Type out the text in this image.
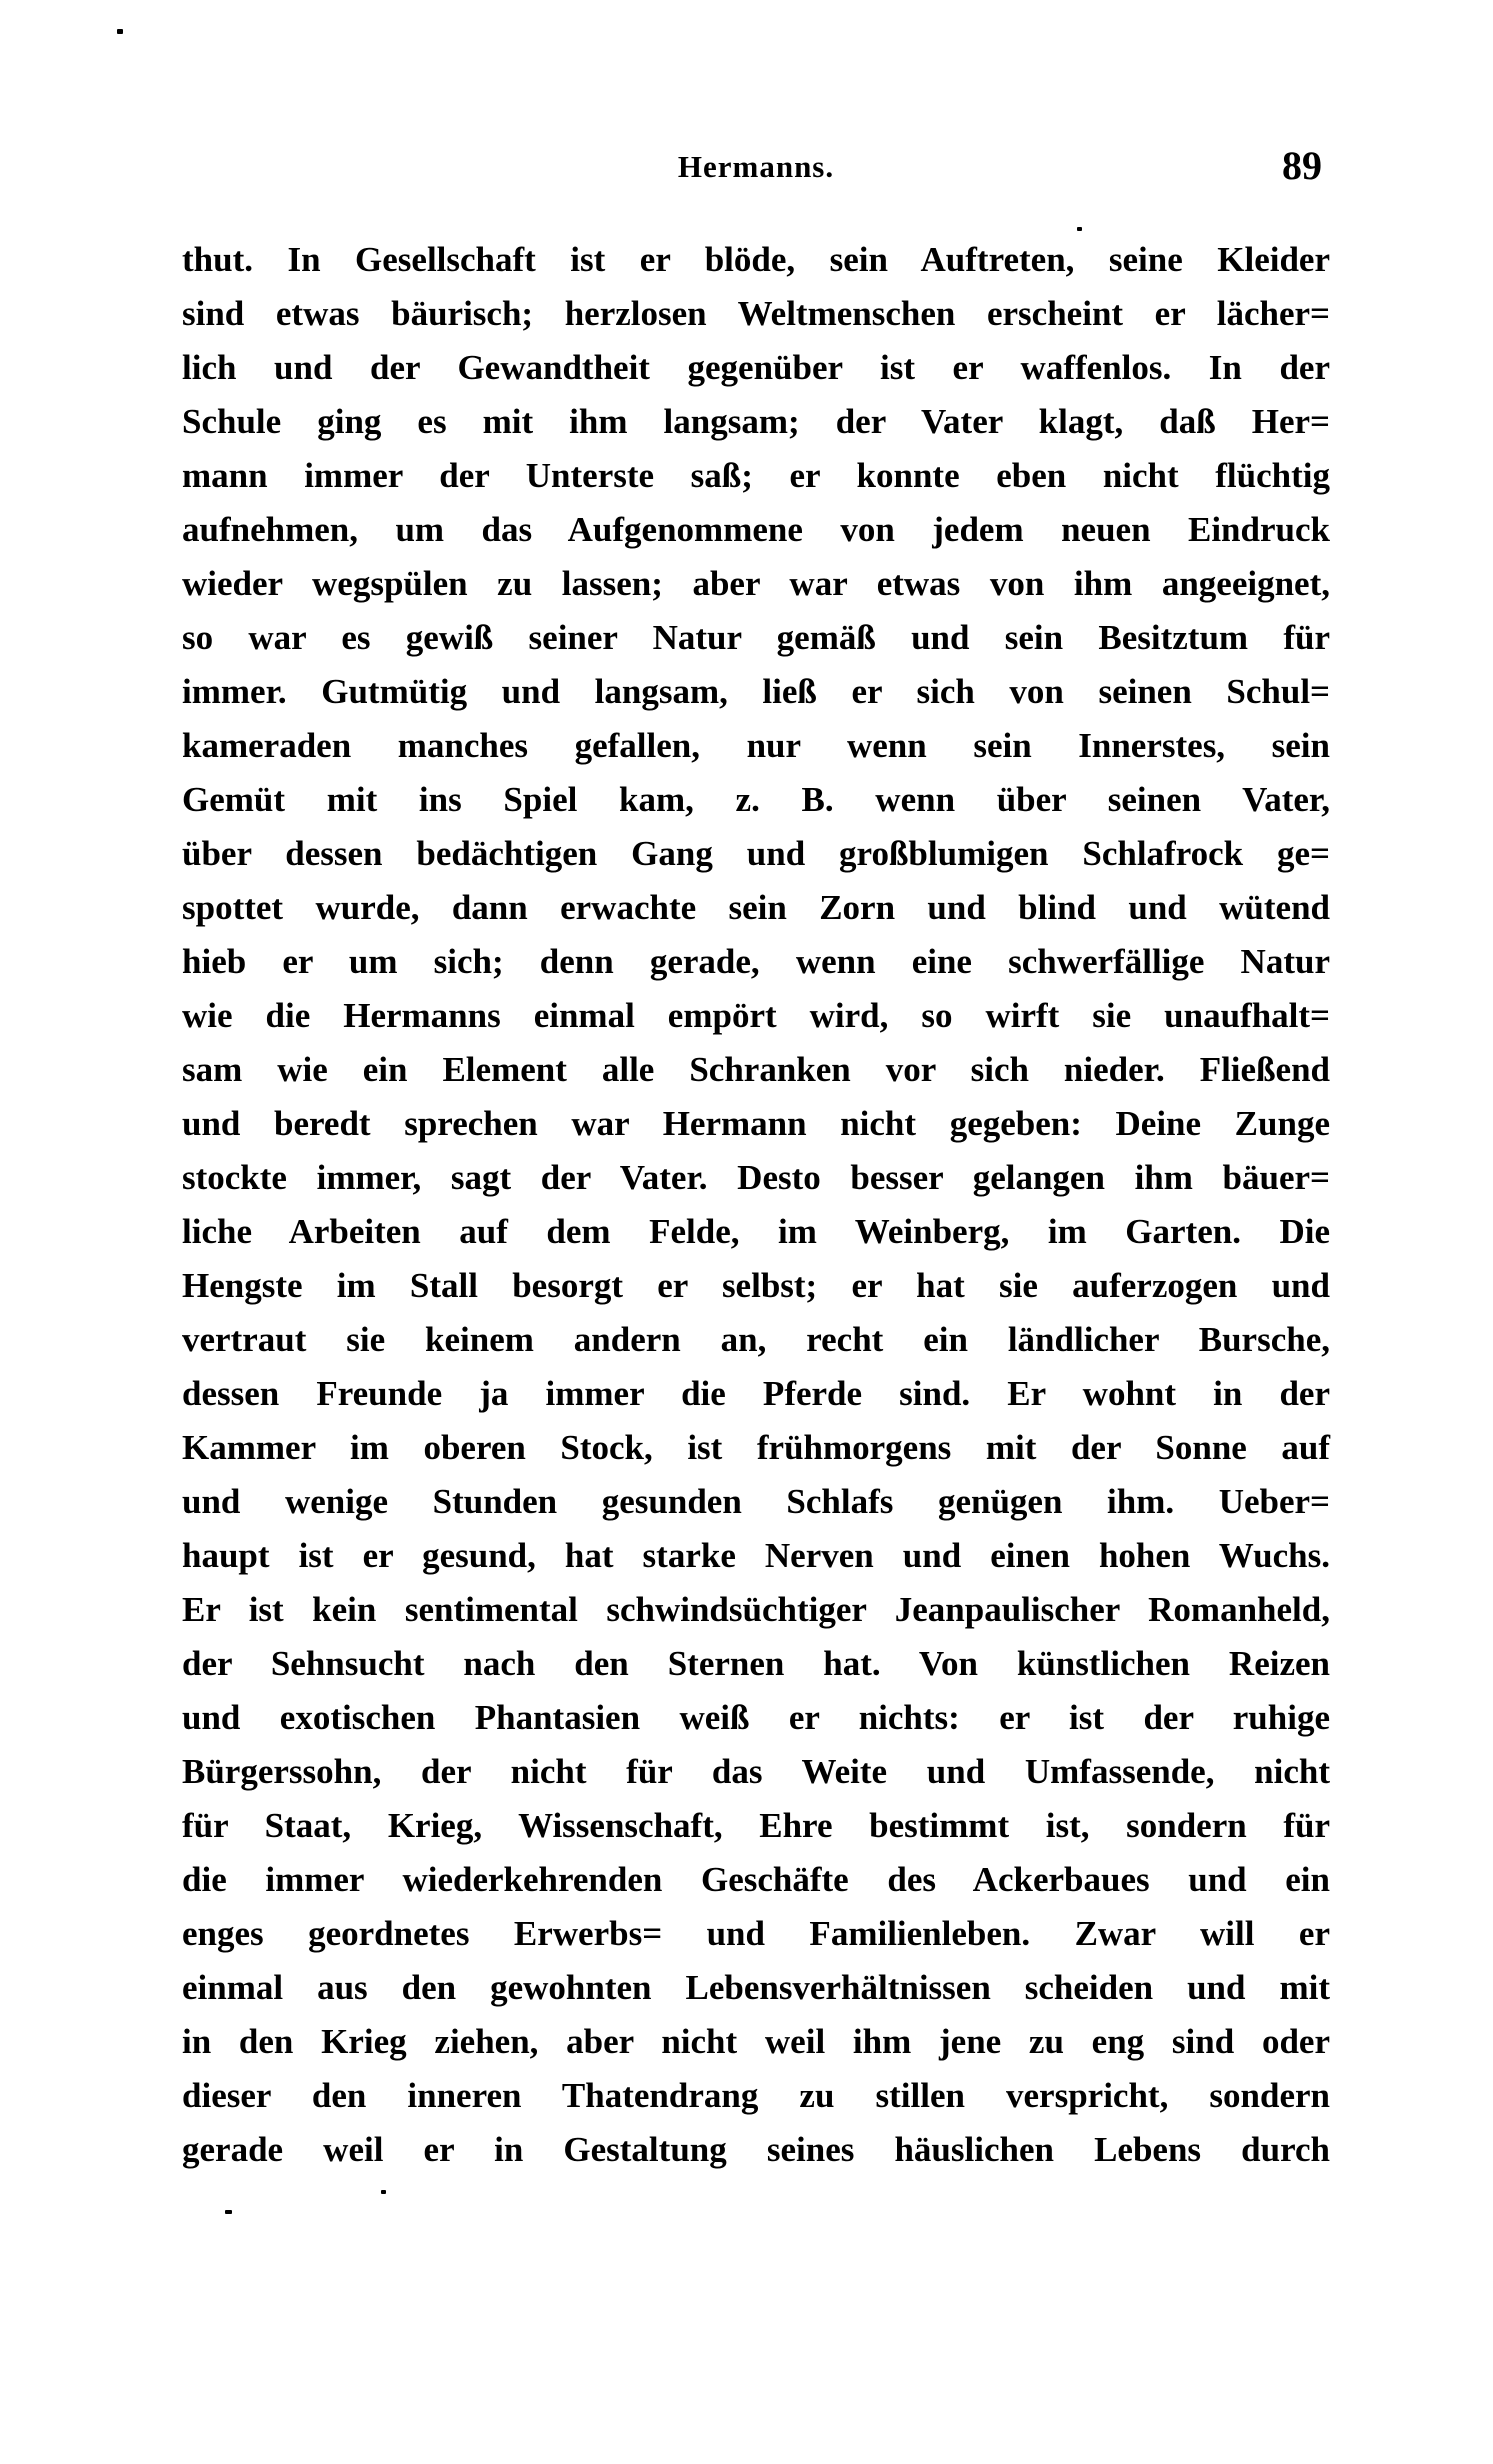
Hermanns.	89
thut. In Gesellschaft ist er blöde, sein Auftreten, seine Kleider
sind etwas bäurisch; herzlosen Weltmenschen erscheint er lächer=
lich und der Gewandtheit gegenüber ist er waffenlos. In der
Schule ging es mit ihm langsam; der Vater klagt, daß Her=
mann immer der Unterste saß; er konnte eben nicht flüchtig
aufnehmen, um das Aufgenommene von jedem neuen Eindruck
wieder wegspülen zu lassen; aber war etwas von ihm angeeignet,
so war es gewiß seiner Natur gemäß und sein Besitztum für
immer. Gutmütig und langsam, ließ er sich von seinen Schul=
kameraden manches gefallen, nur wenn sein Innerstes, sein
Gemüt mit ins Spiel kam, z. B. wenn über seinen Vater,
über dessen bedächtigen Gang und großblumigen Schlafrock ge=
spottet wurde, dann erwachte sein Zorn und blind und wütend
hieb er um sich; denn gerade, wenn eine schwerfällige Natur
wie die Hermanns einmal empört wird, so wirft sie unaufhalt=
sam wie ein Element alle Schranken vor sich nieder. Fließend
und beredt sprechen war Hermann nicht gegeben: Deine Zunge
stockte immer, sagt der Vater. Desto besser gelangen ihm bäuer=
liche Arbeiten auf dem Felde, im Weinberg, im Garten. Die
Hengste im Stall besorgt er selbst; er hat sie auferzogen und
vertraut sie keinem andern an, recht ein ländlicher Bursche,
dessen Freunde ja immer die Pferde sind. Er wohnt in der
Kammer im oberen Stock, ist frühmorgens mit der Sonne auf
und wenige Stunden gesunden Schlafs genügen ihm. Ueber=
haupt ist er gesund, hat starke Nerven und einen hohen Wuchs.
Er ist kein sentimental schwindsüchtiger Jeanpaulischer Romanheld,
der Sehnsucht nach den Sternen hat. Von künstlichen Reizen
und exotischen Phantasien weiß er nichts: er ist der ruhige
Bürgerssohn, der nicht für das Weite und Umfassende, nicht
für Staat, Krieg, Wissenschaft, Ehre bestimmt ist, sondern für
die immer wiederkehrenden Geschäfte des Ackerbaues und ein
enges geordnetes Erwerbs= und Familienleben. Zwar will er
einmal aus den gewohnten Lebensverhältnissen scheiden und mit
in den Krieg ziehen, aber nicht weil ihm jene zu eng sind oder
dieser den inneren Thatendrang zu stillen verspricht, sondern
gerade weil er in Gestaltung seines häuslichen Lebens durch
